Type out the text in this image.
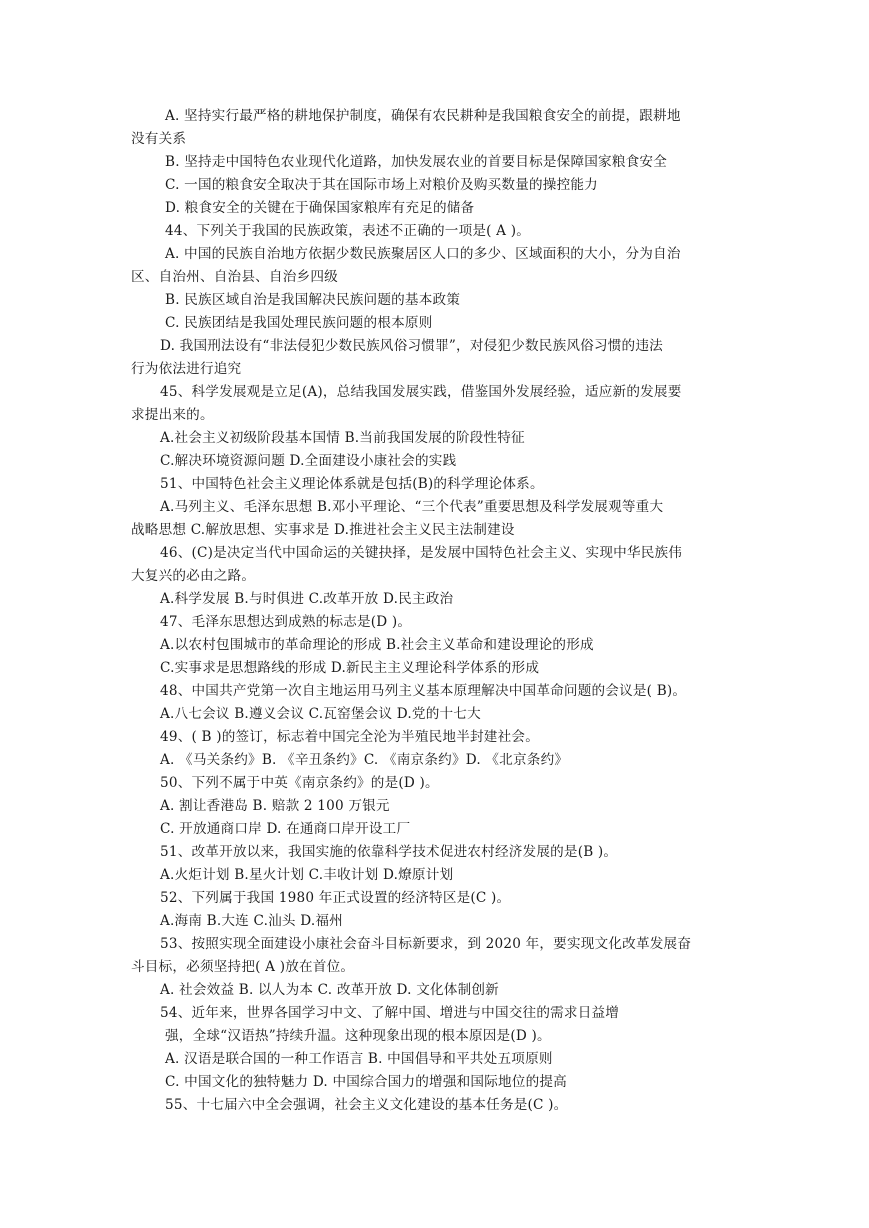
A. 坚持实行最严格的耕地保护制度，确保有农民耕种是我国粮食安全的前提，跟耕地
没有关系
B. 坚持走中国特色农业现代化道路，加快发展农业的首要目标是保障国家粮食安全
C. 一国的粮食安全取决于其在国际市场上对粮价及购买数量的操控能力
D. 粮食安全的关键在于确保国家粮库有充足的储备
44、下列关于我国的民族政策，表述不正确的一项是( A )。
A. 中国的民族自治地方依据少数民族聚居区人口的多少、区域面积的大小，分为自治
区、自治州、自治县、自治乡四级
B. 民族区域自治是我国解决民族问题的基本政策
C. 民族团结是我国处理民族问题的根本原则
D. 我国刑法设有“非法侵犯少数民族风俗习惯罪”，对侵犯少数民族风俗习惯的违法
行为依法进行追究
45、科学发展观是立足(A)，总结我国发展实践，借鉴国外发展经验，适应新的发展要
求提出来的。
A.社会主义初级阶段基本国情 B.当前我国发展的阶段性特征
C.解决环境资源问题 D.全面建设小康社会的实践
51、中国特色社会主义理论体系就是包括(B)的科学理论体系。
A.马列主义、毛泽东思想 B.邓小平理论、“三个代表”重要思想及科学发展观等重大
战略思想 C.解放思想、实事求是 D.推进社会主义民主法制建设
46、(C)是决定当代中国命运的关键抉择，是发展中国特色社会主义、实现中华民族伟
大复兴的必由之路。
A.科学发展 B.与时俱进 C.改革开放 D.民主政治
47、毛泽东思想达到成熟的标志是(D )。
A.以农村包围城市的革命理论的形成 B.社会主义革命和建设理论的形成
C.实事求是思想路线的形成 D.新民主主义理论科学体系的形成
48、中国共产党第一次自主地运用马列主义基本原理解决中国革命问题的会议是( B)。
A.八七会议 B.遵义会议 C.瓦窑堡会议 D.党的十七大
49、( B )的签订，标志着中国完全沦为半殖民地半封建社会。
A. 《马关条约》B. 《辛丑条约》C. 《南京条约》D. 《北京条约》
50、下列不属于中英《南京条约》的是(D )。
A. 割让香港岛 B. 赔款 2 100 万银元
C. 开放通商口岸 D. 在通商口岸开设工厂
51、改革开放以来，我国实施的依靠科学技术促进农村经济发展的是(B )。
A.火炬计划 B.星火计划 C.丰收计划 D.燎原计划
52、下列属于我国 1980 年正式设置的经济特区是(C )。
A.海南 B.大连 C.汕头 D.福州
53、按照实现全面建设小康社会奋斗目标新要求，到 2020 年，要实现文化改革发展奋
斗目标，必须坚持把( A )放在首位。
A. 社会效益 B. 以人为本 C. 改革开放 D. 文化体制创新
54、近年来，世界各国学习中文、了解中国、增进与中国交往的需求日益增
强，全球“汉语热”持续升温。这种现象出现的根本原因是(D )。
A. 汉语是联合国的一种工作语言 B. 中国倡导和平共处五项原则
C. 中国文化的独特魅力 D. 中国综合国力的增强和国际地位的提高
55、十七届六中全会强调，社会主义文化建设的基本任务是(C )。
